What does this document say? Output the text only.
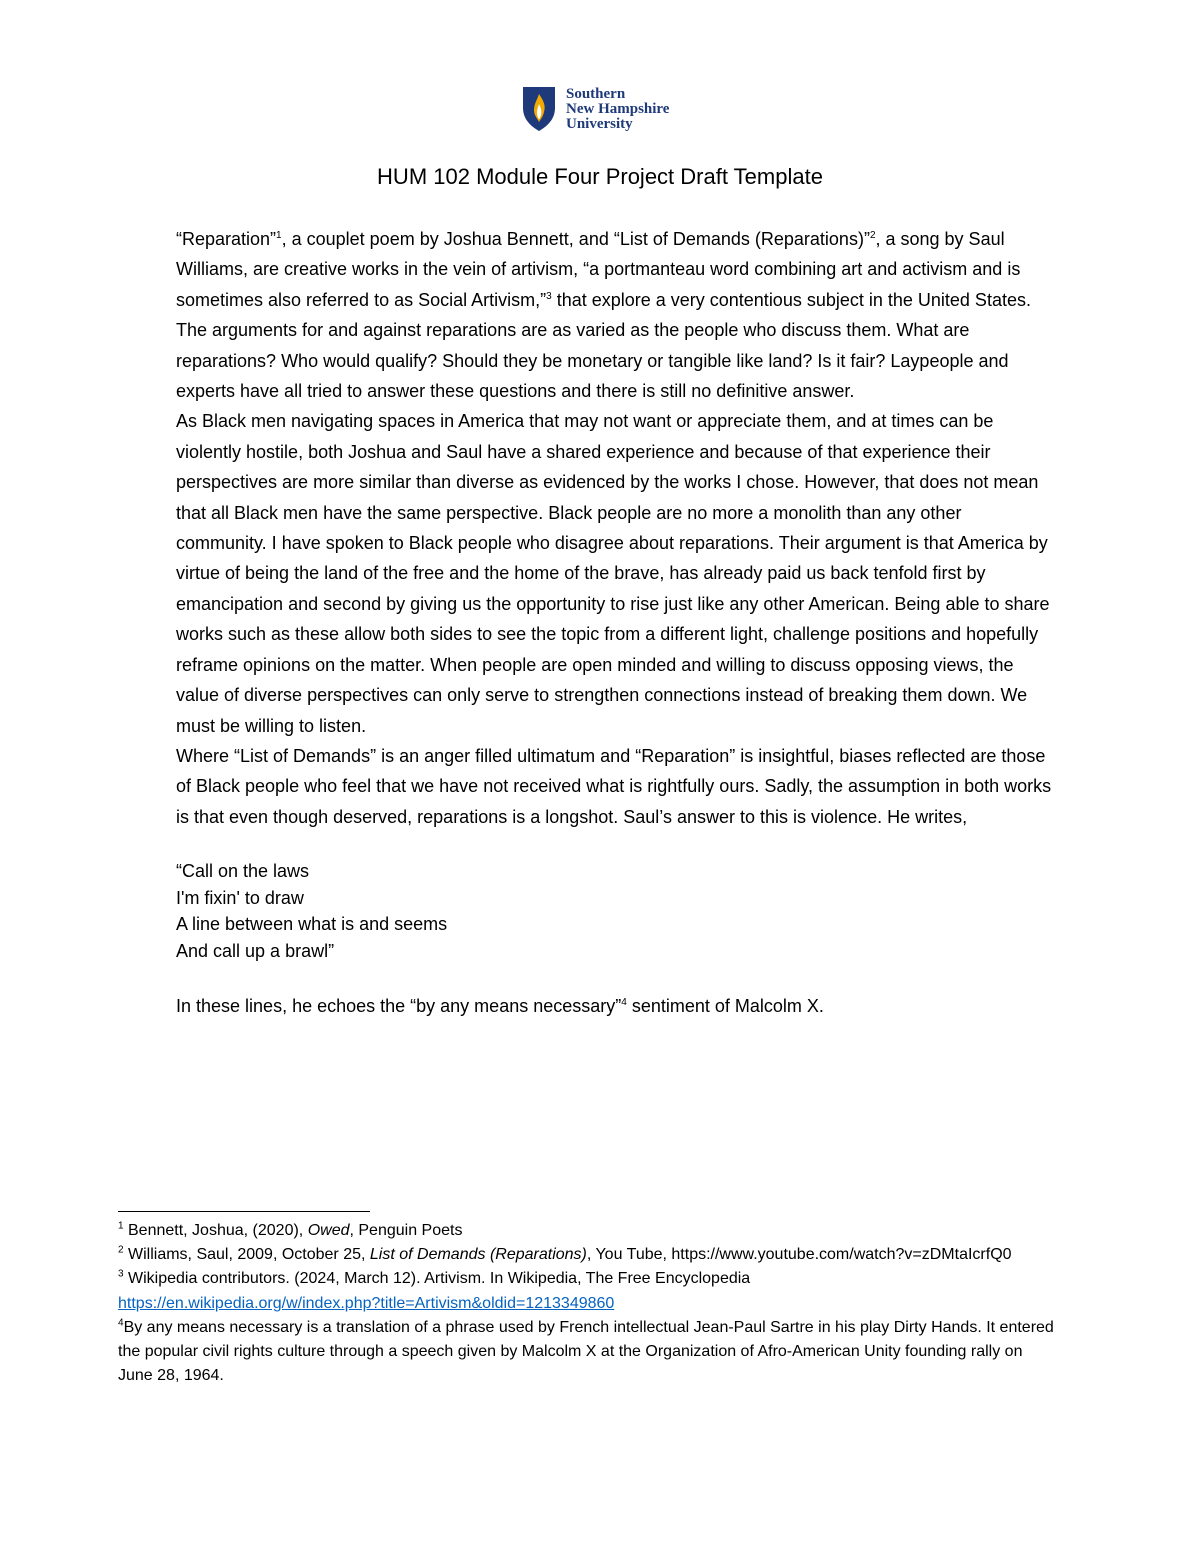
Southern
New Hampshire
University
HUM 102 Module Four Project Draft Template

“Reparation”$^1$, a couplet poem by Joshua Bennett, and “List of Demands (Reparations)”$^2$, a song by Saul Williams, are creative works in the vein of artivism, “a portmanteau word combining art and activism and is sometimes also referred to as Social Artivism,”$^3$ that explore a very contentious subject in the United States. The arguments for and against reparations are as varied as the people who discuss them. What are reparations? Who would qualify? Should they be monetary or tangible like land? Is it fair? Laypeople and experts have all tried to answer these questions and there is still no definitive answer.

As Black men navigating spaces in America that may not want or appreciate them, and at times can be violently hostile, both Joshua and Saul have a shared experience and because of that experience their perspectives are more similar than diverse as evidenced by the works I chose. However, that does not mean that all Black men have the same perspective. Black people are no more a monolith than any other community. I have spoken to Black people who disagree about reparations. Their argument is that America by virtue of being the land of the free and the home of the brave, has already paid us back tenfold first by emancipation and second by giving us the opportunity to rise just like any other American. Being able to share works such as these allow both sides to see the topic from a different light, challenge positions and hopefully reframe opinions on the matter. When people are open minded and willing to discuss opposing views, the value of diverse perspectives can only serve to strengthen connections instead of breaking them down. We must be willing to listen.

Where “List of Demands” is an anger filled ultimatum and “Reparation” is insightful, biases reflected are those of Black people who feel that we have not received what is rightfully ours. Sadly, the assumption in both works is that even though deserved, reparations is a longshot. Saul’s answer to this is violence. He writes,

“Call on the laws
I'm fixin' to draw
A line between what is and seems
And call up a brawl”

In these lines, he echoes the “by any means necessary”$^4$ sentiment of Malcolm X.

$^1$ Bennett, Joshua, (2020), Owed, Penguin Poets

$^2$ Williams, Saul, 2009, October 25, List of Demands (Reparations), You Tube, https://www.youtube.com/watch?v=zDMtaIcrfQ0

$^3$ Wikipedia contributors. (2024, March 12). Artivism. In Wikipedia, The Free Encyclopedia
https://en.wikipedia.org/w/index.php?title=Artivism&oldid=1213349860

$^4$By any means necessary is a translation of a phrase used by French intellectual Jean-Paul Sartre in his play Dirty Hands. It entered the popular civil rights culture through a speech given by Malcolm X at the Organization of Afro-American Unity founding rally on June 28, 1964.
